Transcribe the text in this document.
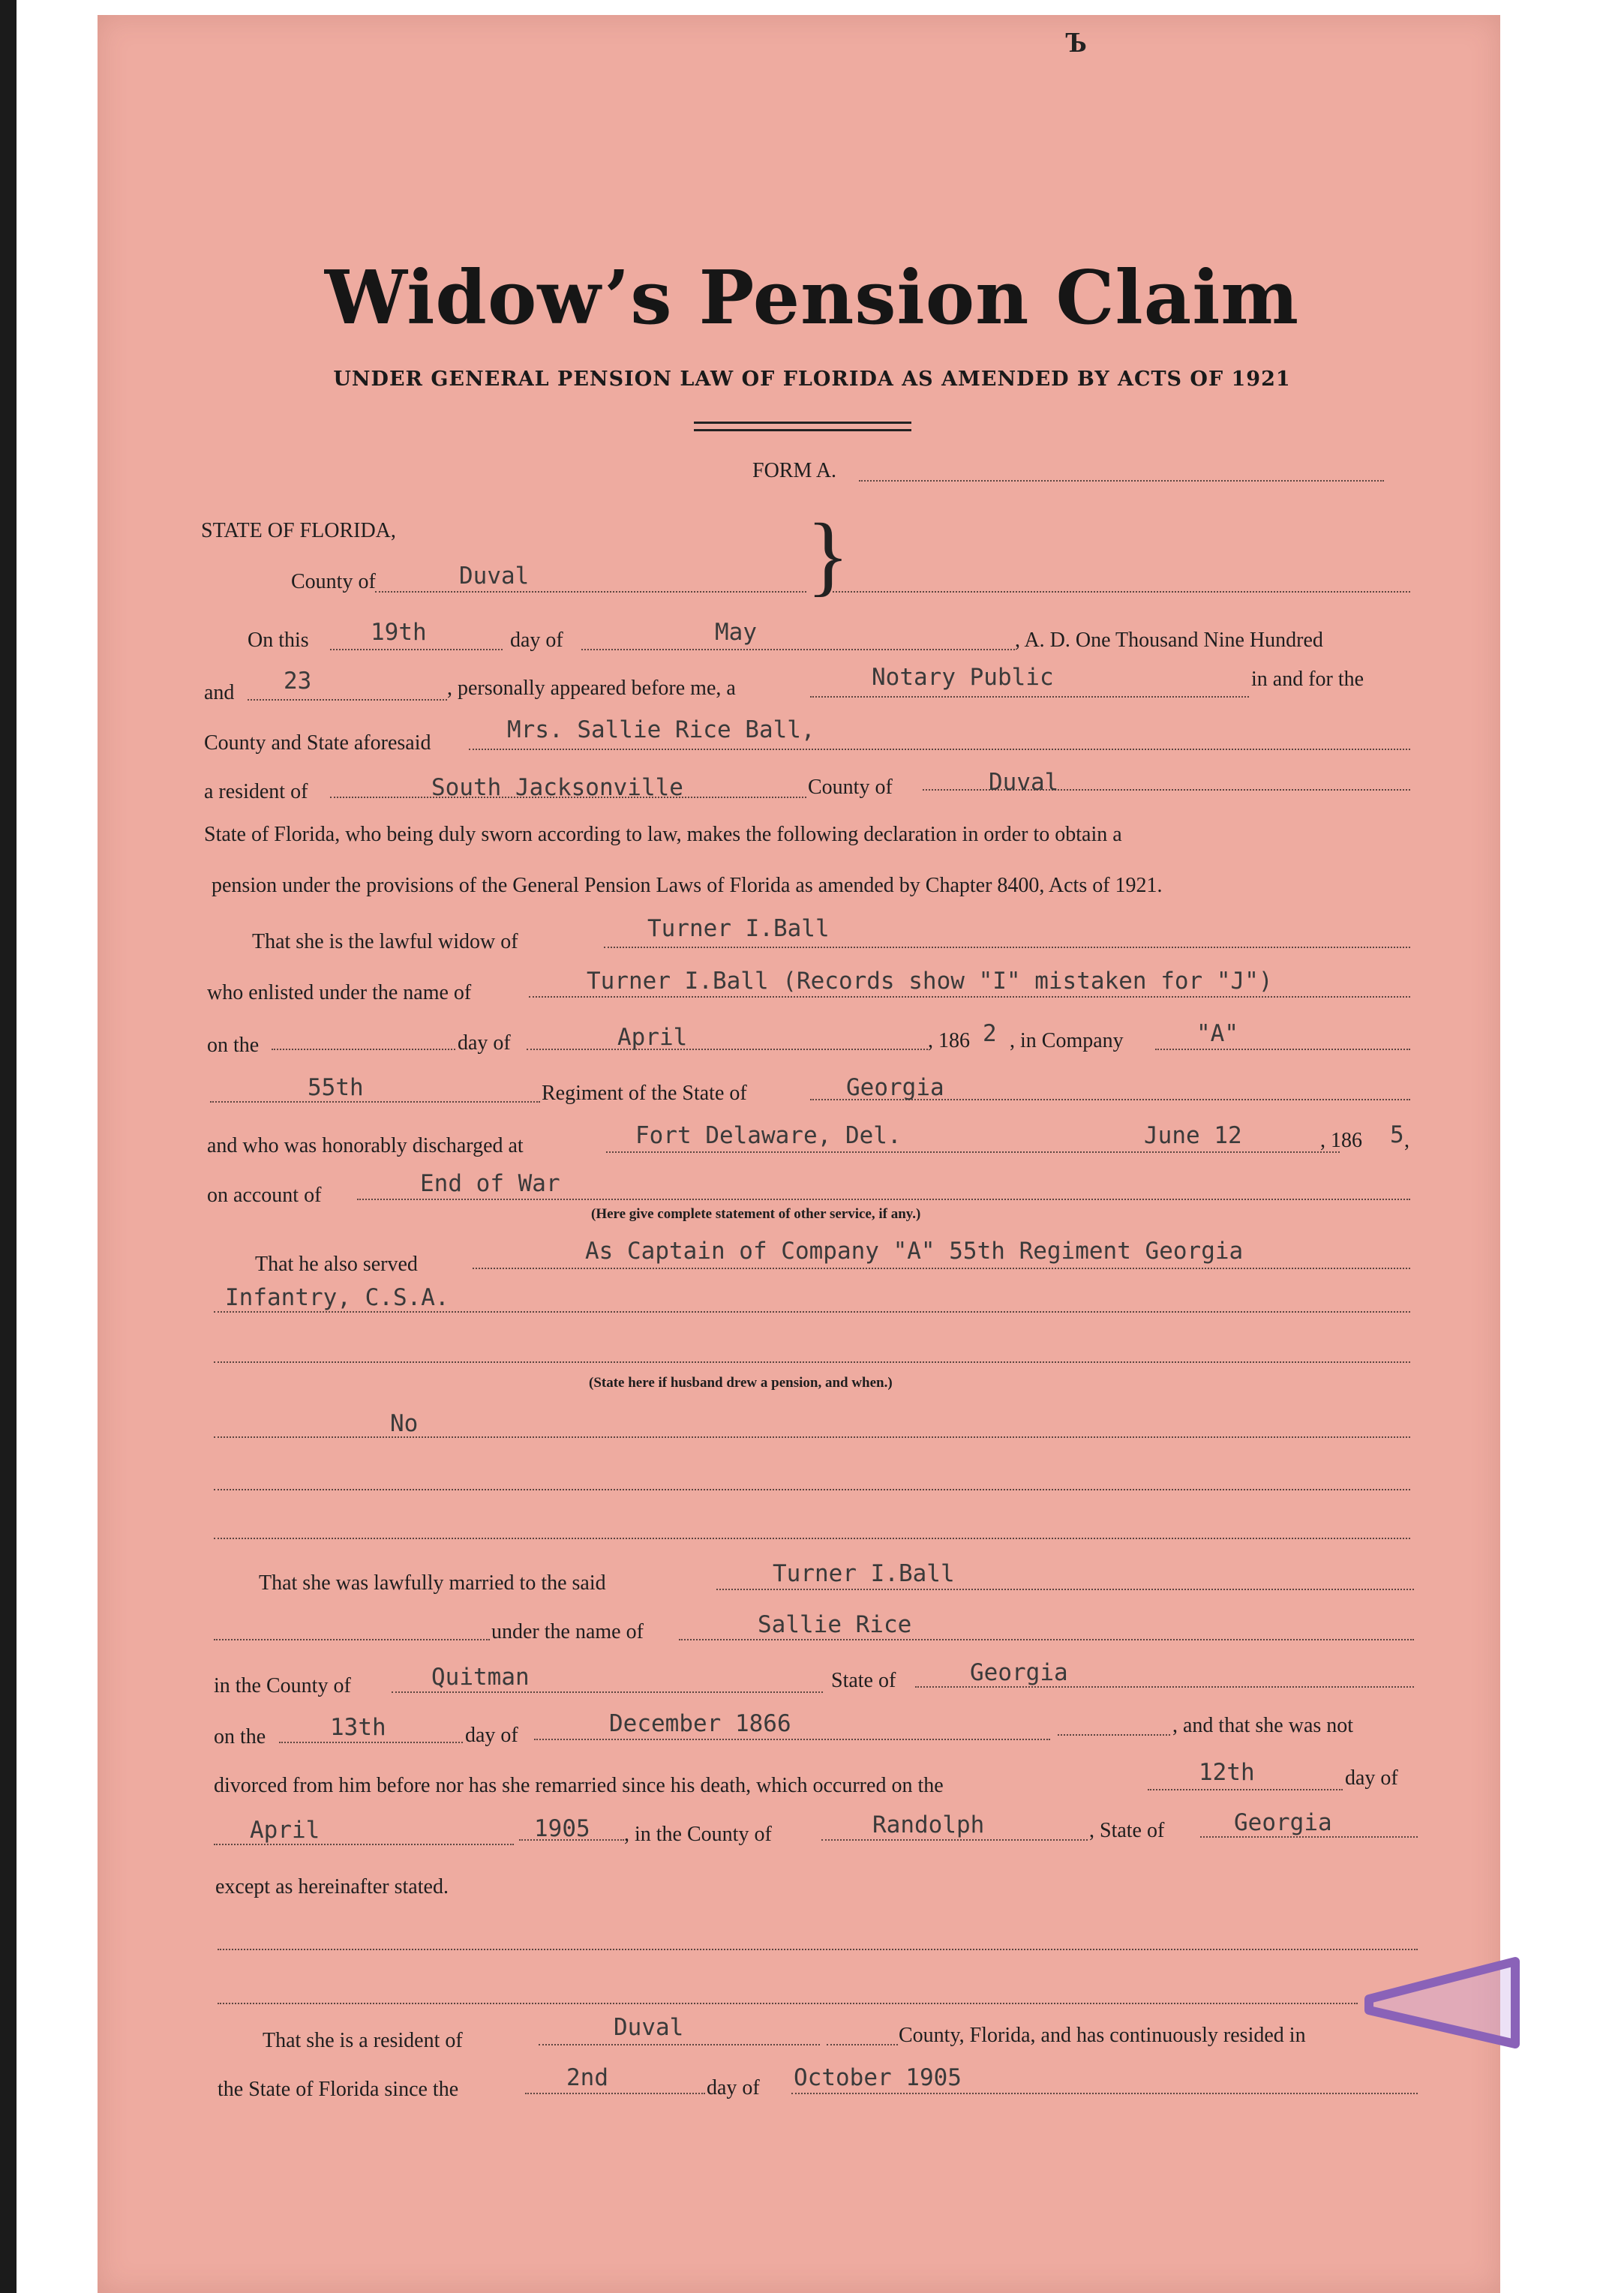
Ъ
Widow’s Pension Claim
UNDER GENERAL PENSION LAW OF FLORIDA AS AMENDED BY ACTS OF 1921
FORM A.
STATE OF FLORIDA,
County of	Duval	}
On this	19th	day of	May	, A. D. One Thousand Nine Hundred
and 23	, personally appeared before me, a	Notary Public	in and for the
County and State aforesaid	Mrs. Sallie Rice Ball,
a resident of	South Jacksonville	County of	Duval
State of Florida, who being duly sworn according to law, makes the following declaration in order to obtain a
pension under the provisions of the General Pension Laws of Florida as amended by Chapter 8400, Acts of 1921.
That she is the lawful widow of	Turner I.Ball
who enlisted under the name of	Turner I.Ball (Records show "I" mistaken for "J")
on the	day of	April	, 186 2 , in Company	"A"
55th	Regiment of the State of	Georgia
and who was honorably discharged at	Fort Delaware, Del.	June 12	, 186 5 ,
on account of	End of War
(Here give complete statement of other service, if any.)
That he also served	As Captain of Company "A" 55th Regiment Georgia
Infantry, C.S.A.
(State here if husband drew a pension, and when.)
No
That she was lawfully married to the said	Turner I.Ball
under the name of	Sallie Rice
in the County of	Quitman	State of	Georgia
on the	13th	day of	December 1866	, and that she was not
divorced from him before nor has she remarried since his death, which occurred on the	12th	day of
April	1905 , in the County of	Randolph	, State of	Georgia
except as hereinafter stated.
That she is a resident of	Duval	County, Florida, and has continuously resided in
the State of Florida since the	2nd	day of October 1905
